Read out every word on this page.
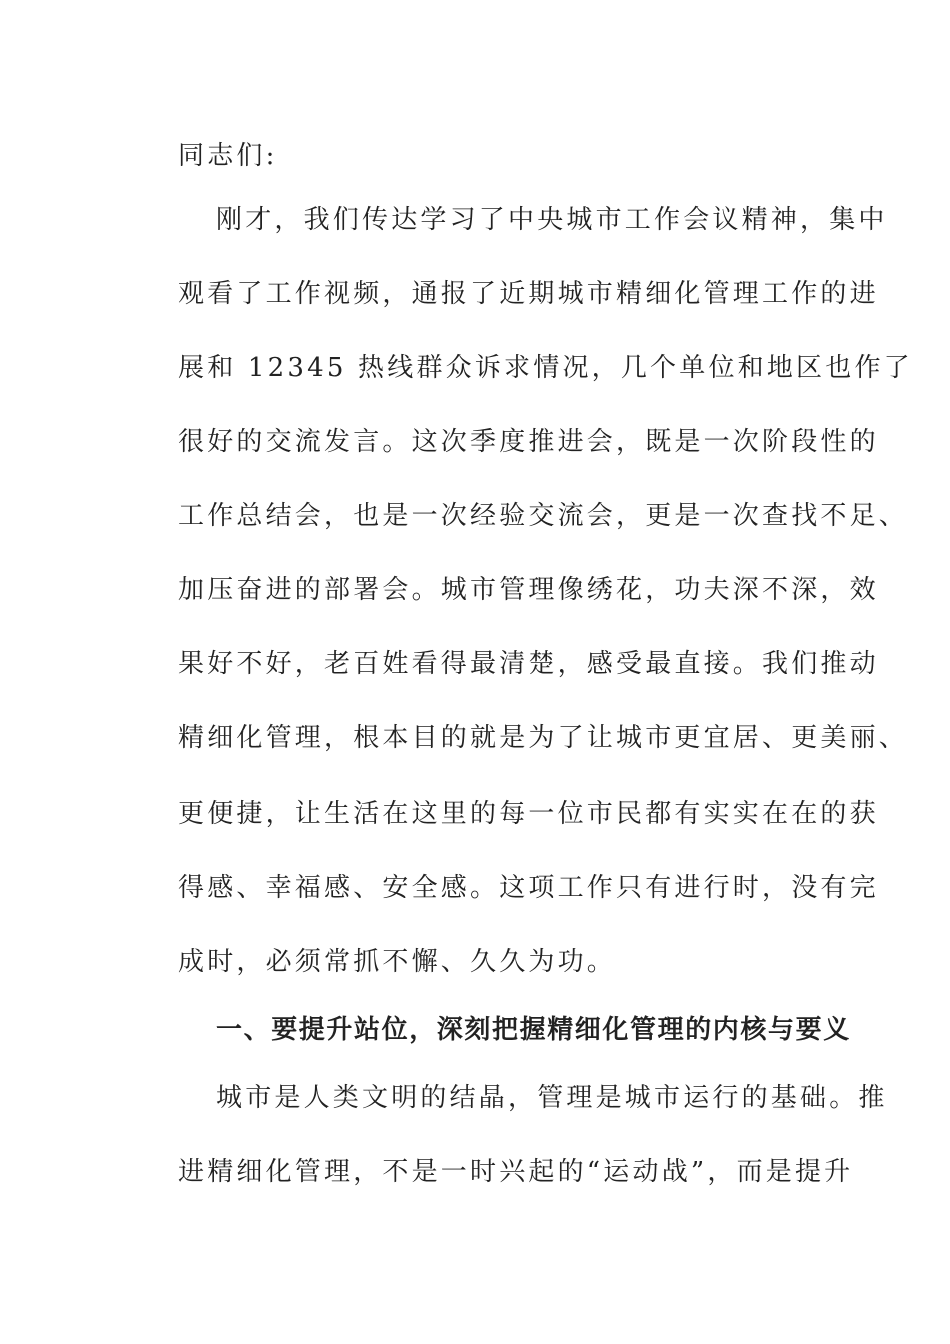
同志们:

刚才，我们传达学习了中央城市工作会议精神，集中

观看了工作视频，通报了近期城市精细化管理工作的进

展和 12345 热线群众诉求情况，几个单位和地区也作了

很好的交流发言。这次季度推进会，既是一次阶段性的

工作总结会，也是一次经验交流会，更是一次查找不足、

加压奋进的部署会。城市管理像绣花，功夫深不深，效

果好不好，老百姓看得最清楚，感受最直接。我们推动

精细化管理，根本目的就是为了让城市更宜居、更美丽、

更便捷，让生活在这里的每一位市民都有实实在在的获

得感、幸福感、安全感。这项工作只有进行时，没有完

成时，必须常抓不懈、久久为功。

一、要提升站位，深刻把握精细化管理的内核与要义

城市是人类文明的结晶，管理是城市运行的基础。推

进精细化管理，不是一时兴起的“运动战”，而是提升
